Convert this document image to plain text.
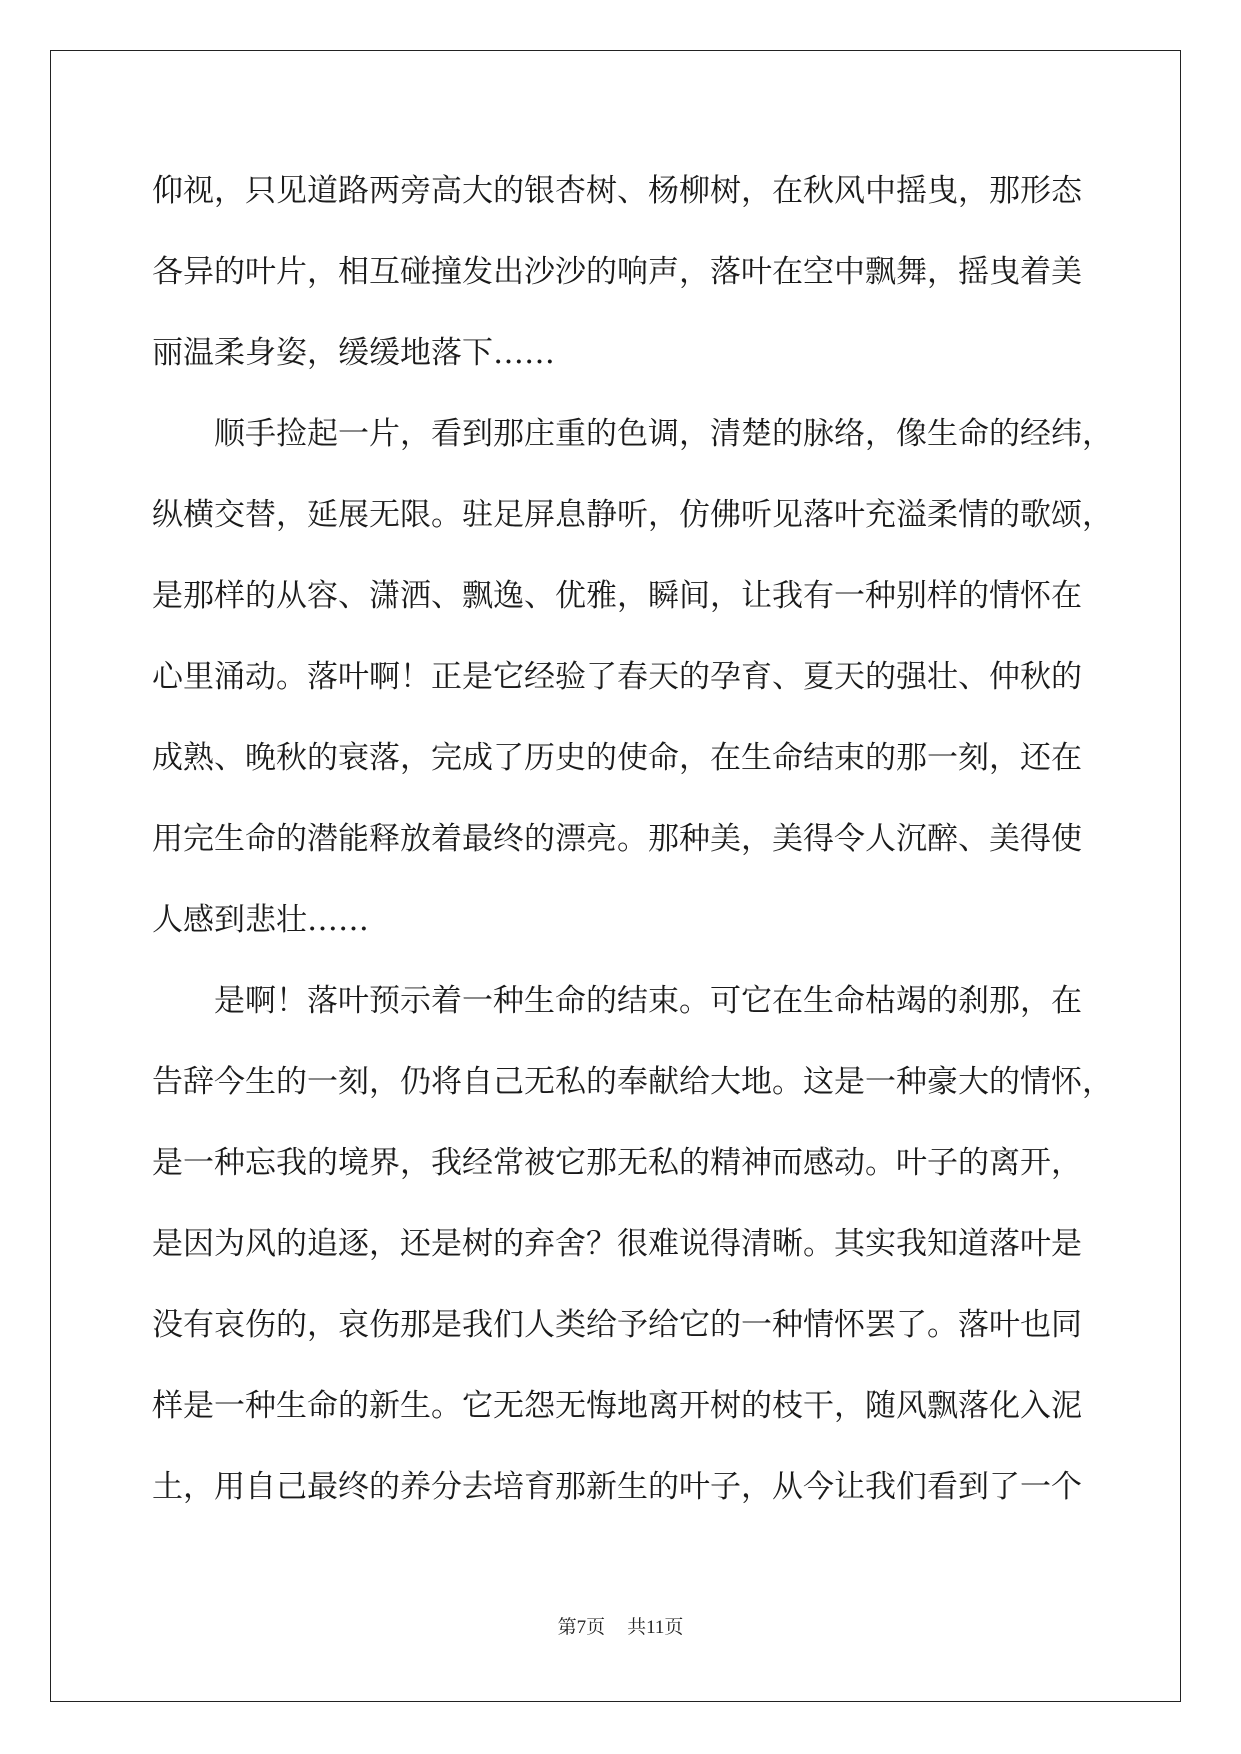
仰视，只见道路两旁高大的银杏树、杨柳树，在秋风中摇曳，那形态
各异的叶片，相互碰撞发出沙沙的响声，落叶在空中飘舞，摇曳着美
丽温柔身姿，缓缓地落下……
顺手捡起一片，看到那庄重的色调，清楚的脉络，像生命的经纬，
纵横交替，延展无限。驻足屏息静听，仿佛听见落叶充溢柔情的歌颂，
是那样的从容、潇洒、飘逸、优雅，瞬间，让我有一种别样的情怀在
心里涌动。落叶啊！正是它经验了春天的孕育、夏天的强壮、仲秋的
成熟、晚秋的衰落，完成了历史的使命，在生命结束的那一刻，还在
用完生命的潜能释放着最终的漂亮。那种美，美得令人沉醉、美得使
人感到悲壮……
是啊！落叶预示着一种生命的结束。可它在生命枯竭的刹那，在
告辞今生的一刻，仍将自己无私的奉献给大地。这是一种豪大的情怀，
是一种忘我的境界，我经常被它那无私的精神而感动。叶子的离开，
是因为风的追逐，还是树的弃舍？很难说得清晰。其实我知道落叶是
没有哀伤的，哀伤那是我们人类给予给它的一种情怀罢了。落叶也同
样是一种生命的新生。它无怨无悔地离开树的枝干，随风飘落化入泥
土，用自己最终的养分去培育那新生的叶子，从今让我们看到了一个
第7页 共11页
